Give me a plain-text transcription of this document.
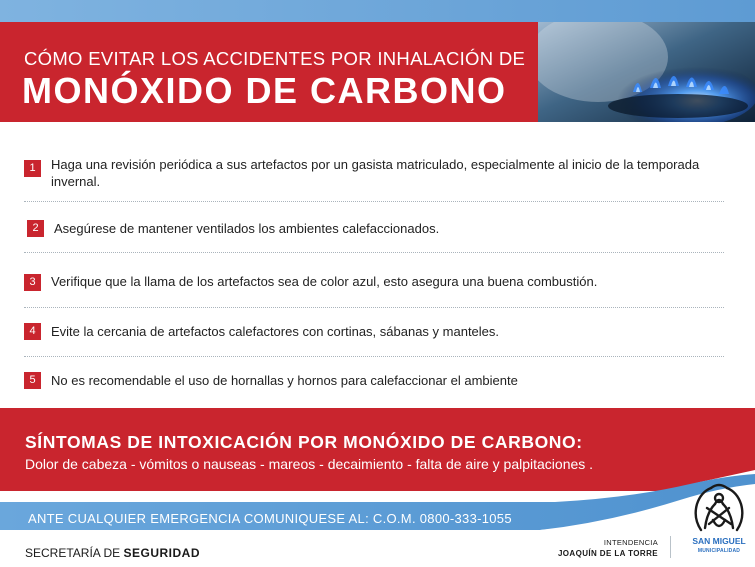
CÓMO EVITAR LOS ACCIDENTES POR INHALACIÓN DE
MONÓXIDO DE CARBONO
1	Haga una revisión periódica a sus artefactos por un gasista matriculado, especialmente al inicio de la temporada invernal.
2	Asegúrese de mantener ventilados los ambientes calefaccionados.
3	Verifique que la llama de los artefactos sea de color azul, esto asegura una buena combustión.
4	Evite la cercania de artefactos calefactores con cortinas, sábanas y manteles.
5	No es recomendable el uso de hornallas y hornos para calefaccionar el ambiente
SÍNTOMAS DE INTOXICACIÓN POR MONÓXIDO DE CARBONO:
Dolor de cabeza - vómitos o nauseas - mareos - decaimiento - falta de aire y palpitaciones .
ANTE CUALQUIER EMERGENCIA COMUNIQUESE AL: C.O.M. 0800-333-1055
SECRETARÍA DE SEGURIDAD
INTENDENCIA
JOAQUÍN DE LA TORRE
SAN MIGUEL
MUNICIPALIDAD
